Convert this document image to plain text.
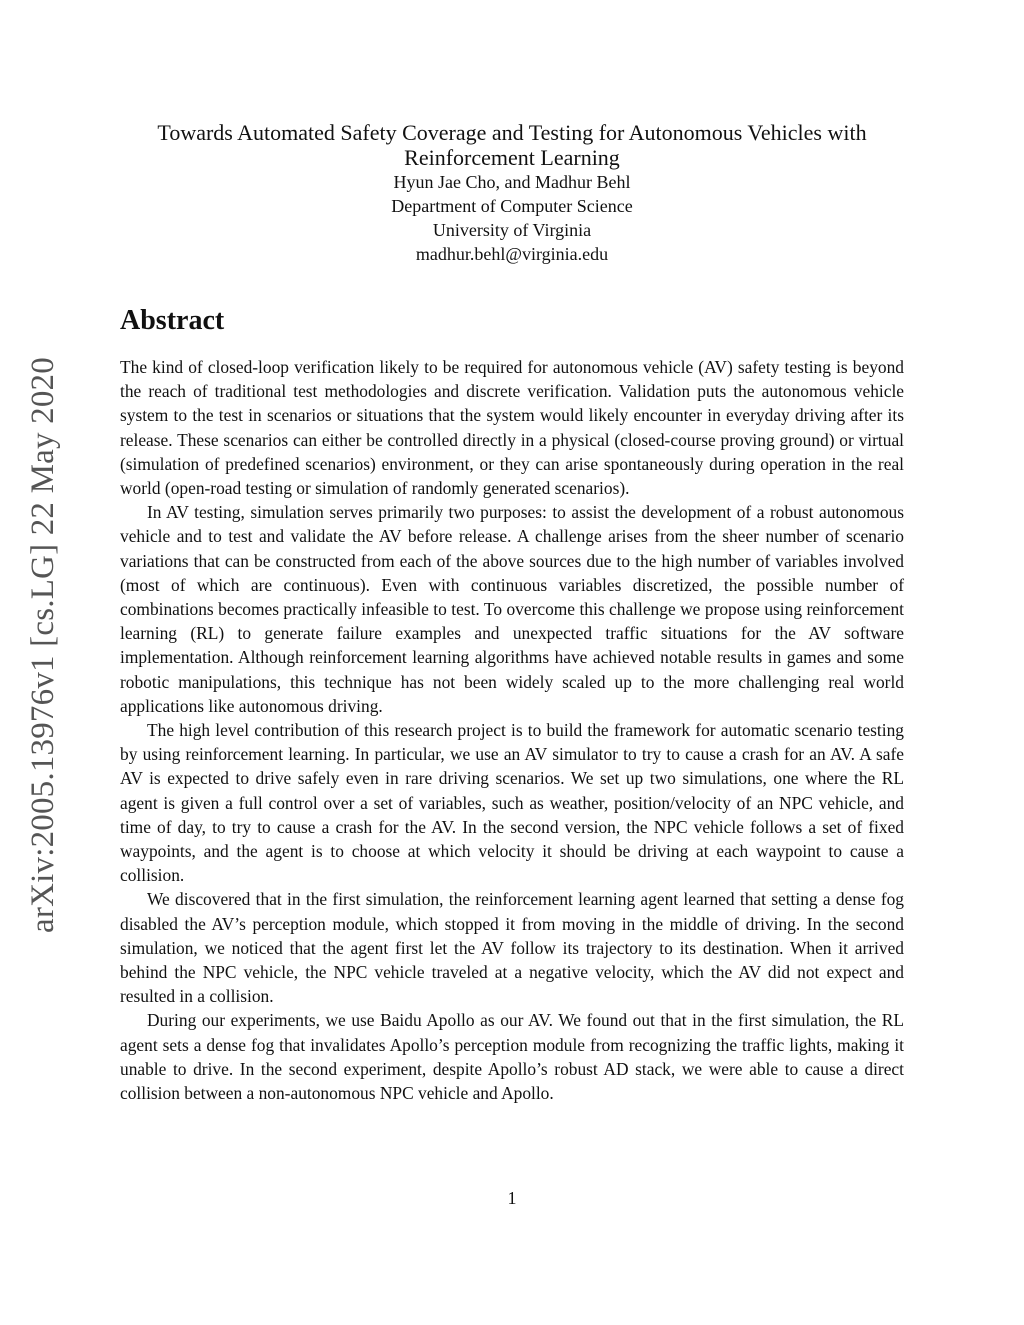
arXiv:2005.13976v1 [cs.LG] 22 May 2020

Towards Automated Safety Coverage and Testing for Autonomous Vehicles with

Reinforcement Learning

Hyun Jae Cho, and Madhur Behl

Department of Computer Science

University of Virginia

madhur.behl@virginia.edu

Abstract

The kind of closed-loop verification likely to be required for autonomous vehicle (AV) safety testing is beyond the reach of traditional test methodologies and discrete verification. Validation puts the autonomous vehicle system to the test in scenarios or situations that the system would likely encounter in everyday driving after its release. These scenarios can either be controlled directly in a physical (closed-course proving ground) or virtual (simulation of predefined scenarios) environment, or they can arise spontaneously during operation in the real world (open-road testing or simulation of randomly generated scenarios).

In AV testing, simulation serves primarily two purposes: to assist the development of a robust autonomous vehicle and to test and validate the AV before release. A challenge arises from the sheer number of scenario variations that can be constructed from each of the above sources due to the high number of variables involved (most of which are continuous). Even with continuous variables discretized, the possible number of combinations becomes practically infeasible to test. To overcome this challenge we propose using reinforcement learning (RL) to generate failure examples and unexpected traffic situations for the AV software implementation. Although reinforcement learning algorithms have achieved notable results in games and some robotic manipulations, this technique has not been widely scaled up to the more challenging real world applications like autonomous driving.

The high level contribution of this research project is to build the framework for automatic scenario testing by using reinforcement learning. In particular, we use an AV simulator to try to cause a crash for an AV. A safe AV is expected to drive safely even in rare driving scenarios. We set up two simulations, one where the RL agent is given a full control over a set of variables, such as weather, position/velocity of an NPC vehicle, and time of day, to try to cause a crash for the AV. In the second version, the NPC vehicle follows a set of fixed waypoints, and the agent is to choose at which velocity it should be driving at each waypoint to cause a collision.

We discovered that in the first simulation, the reinforcement learning agent learned that setting a dense fog disabled the AV’s perception module, which stopped it from moving in the middle of driving. In the second simulation, we noticed that the agent first let the AV follow its trajectory to its destination. When it arrived behind the NPC vehicle, the NPC vehicle traveled at a negative velocity, which the AV did not expect and resulted in a collision.

During our experiments, we use Baidu Apollo as our AV. We found out that in the first simulation, the RL agent sets a dense fog that invalidates Apollo’s perception module from recognizing the traffic lights, making it unable to drive. In the second experiment, despite Apollo’s robust AD stack, we were able to cause a direct collision between a non-autonomous NPC vehicle and Apollo.

1
